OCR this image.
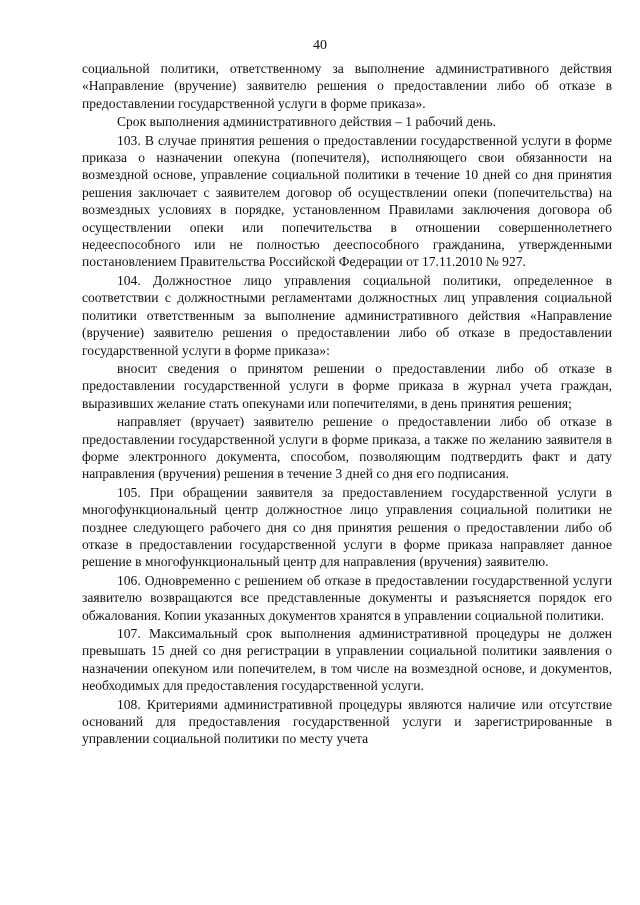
40

социальной политики, ответственному за выполнение административного действия «Направление (вручение) заявителю решения о предоставлении либо об отказе в предоставлении государственной услуги в форме приказа».

Срок выполнения административного действия – 1 рабочий день.

103. В случае принятия решения о предоставлении государственной услуги в форме приказа о назначении опекуна (попечителя), исполняющего свои обязанности на возмездной основе, управление социальной политики в течение 10 дней со дня принятия решения заключает с заявителем договор об осуществлении опеки (попечительства) на возмездных условиях в порядке, установленном Правилами заключения договора об осуществлении опеки или попечительства в отношении совершеннолетнего недееспособного или не полностью дееспособного гражданина, утвержденными постановлением Правительства Российской Федерации от 17.11.2010 № 927.

104. Должностное лицо управления социальной политики, определенное в соответствии с должностными регламентами должностных лиц управления социальной политики ответственным за выполнение административного действия «Направление (вручение) заявителю решения о предоставлении либо об отказе в предоставлении государственной услуги в форме приказа»:

вносит сведения о принятом решении о предоставлении либо об отказе в предоставлении государственной услуги в форме приказа в журнал учета граждан, выразивших желание стать опекунами или попечителями, в день принятия решения;

направляет (вручает) заявителю решение о предоставлении либо об отказе в предоставлении государственной услуги в форме приказа, а также по желанию заявителя в форме электронного документа, способом, позволяющим подтвердить факт и дату направления (вручения) решения в течение 3 дней со дня его подписания.

105. При обращении заявителя за предоставлением государственной услуги в многофункциональный центр должностное лицо управления социальной политики не позднее следующего рабочего дня со дня принятия решения о предоставлении либо об отказе в предоставлении государственной услуги в форме приказа направляет данное решение в многофункциональный центр для направления (вручения) заявителю.

106. Одновременно с решением об отказе в предоставлении государственной услуги заявителю возвращаются все представленные документы и разъясняется порядок его обжалования. Копии указанных документов хранятся в управлении социальной политики.

107. Максимальный срок выполнения административной процедуры не должен превышать 15 дней со дня регистрации в управлении социальной политики заявления о назначении опекуном или попечителем, в том числе на возмездной основе, и документов, необходимых для предоставления государственной услуги.

108. Критериями административной процедуры являются наличие или отсутствие оснований для предоставления государственной услуги и зарегистрированные в управлении социальной политики по месту учета
